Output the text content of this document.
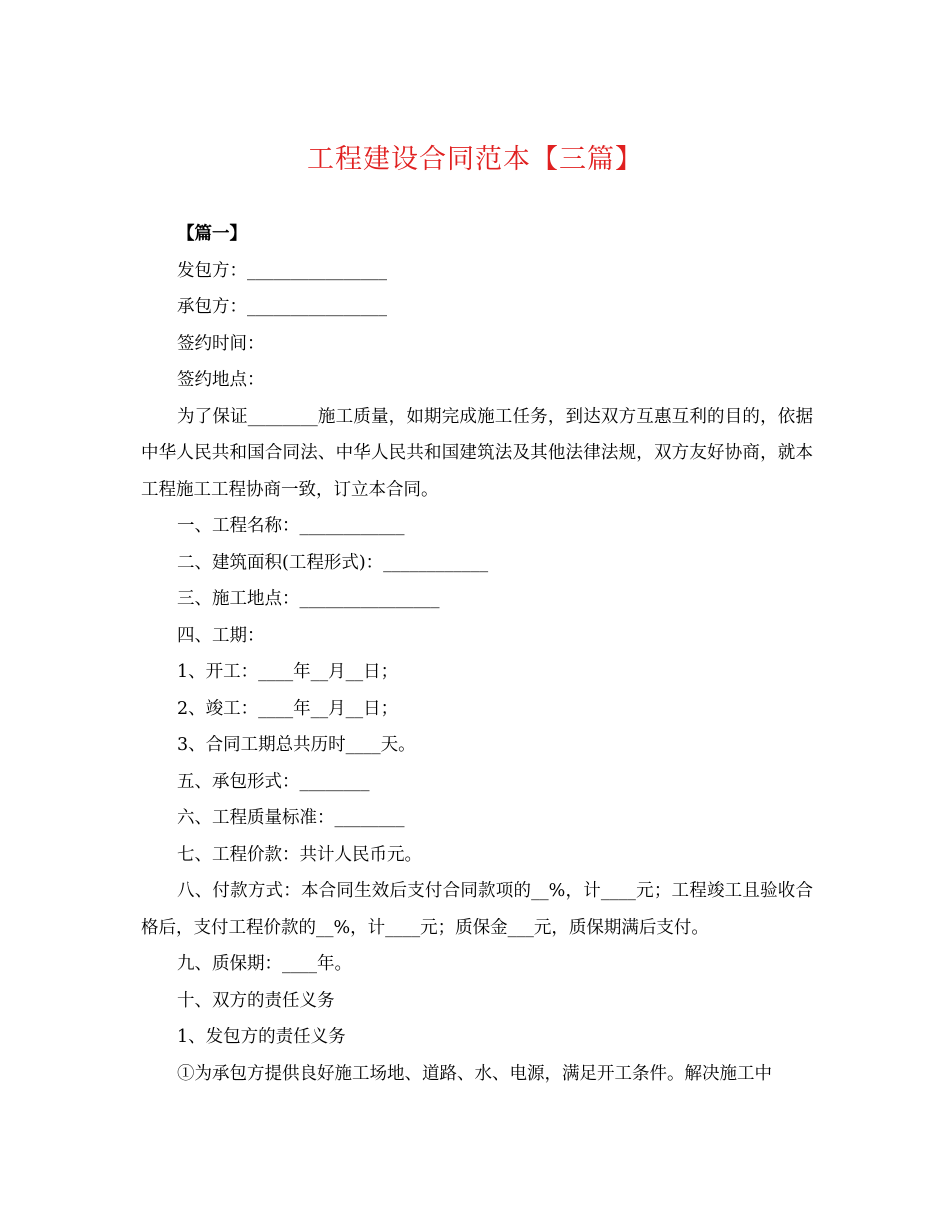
工程建设合同范本【三篇】

【篇一】

发包方：________________

承包方：________________

签约时间：

签约地点：

为了保证________施工质量，如期完成施工任务，到达双方互惠互利的目的，依据中华人民共和国合同法、中华人民共和国建筑法及其他法律法规，双方友好协商，就本工程施工工程协商一致，订立本合同。

一、工程名称：____________

二、建筑面积(工程形式)：____________

三、施工地点：________________

四、工期：

1、开工：____年__月__日；

2、竣工：____年__月__日；

3、合同工期总共历时____天。

五、承包形式：________

六、工程质量标准：________

七、工程价款：共计人民币元。

八、付款方式：本合同生效后支付合同款项的__%，计____元；工程竣工且验收合格后，支付工程价款的__%，计____元；质保金___元，质保期满后支付。

九、质保期：____年。

十、双方的责任义务

1、发包方的责任义务

①为承包方提供良好施工场地、道路、水、电源，满足开工条件。解决施工中
